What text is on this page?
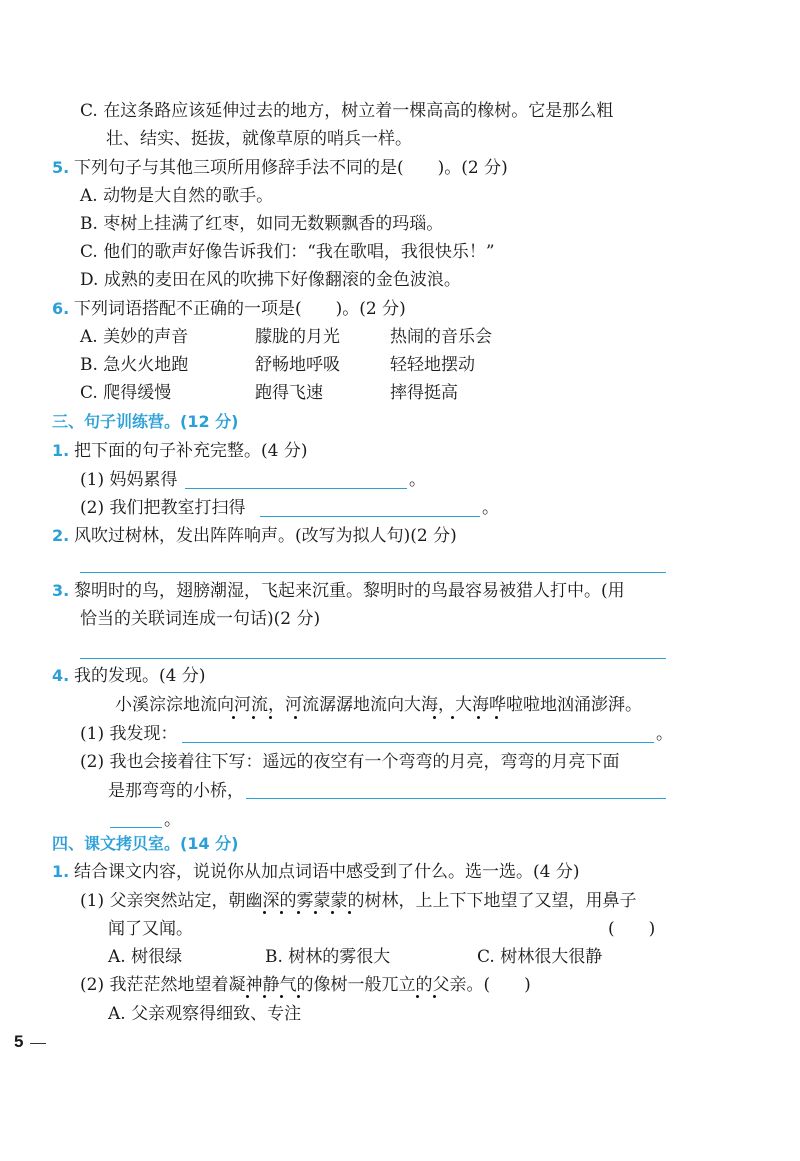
C. 在这条路应该延伸过去的地方，树立着一棵高高的橡树。它是那么粗
壮、结实、挺拔，就像草原的哨兵一样。
5. 下列句子与其他三项所用修辞手法不同的是(　　)。(2 分)
A. 动物是大自然的歌手。
B. 枣树上挂满了红枣，如同无数颗飘香的玛瑙。
C. 他们的歌声好像告诉我们：“我在歌唱，我很快乐！”
D. 成熟的麦田在风的吹拂下好像翻滚的金色波浪。
6. 下列词语搭配不正确的一项是(　　)。(2 分)
A. 美妙的声音	朦胧的月光	热闹的音乐会
B. 急火火地跑	舒畅地呼吸	轻轻地摆动
C. 爬得缓慢	跑得飞速	摔得挺高
三、句子训练营。(12 分)
1. 把下面的句子补充完整。(4 分)
(1) 妈妈累得	。
(2) 我们把教室打扫得	。
2. 风吹过树林，发出阵阵响声。(改写为拟人句)(2 分)
3. 黎明时的鸟，翅膀潮湿，飞起来沉重。黎明时的鸟最容易被猎人打中。(用
恰当的关联词连成一句话)(2 分)
4. 我的发现。(4 分)
小溪淙淙地流向河流，河流潺潺地流向大海，大海哗啦啦地汹涌澎湃。
(1) 我发现：	。
(2) 我也会接着往下写：遥远的夜空有一个弯弯的月亮，弯弯的月亮下面
是那弯弯的小桥，
。
四、课文拷贝室。(14 分)
1. 结合课文内容，说说你从加点词语中感受到了什么。选一选。(4 分)
(1) 父亲突然站定，朝幽深的雾蒙蒙的树林，上上下下地望了又望，用鼻子
闻了又闻。	(　　)
A. 树很绿	B. 树林的雾很大	C. 树林很大很静
(2) 我茫茫然地望着凝神静气的像树一般兀立的父亲。(　　)
A. 父亲观察得细致、专注
5
